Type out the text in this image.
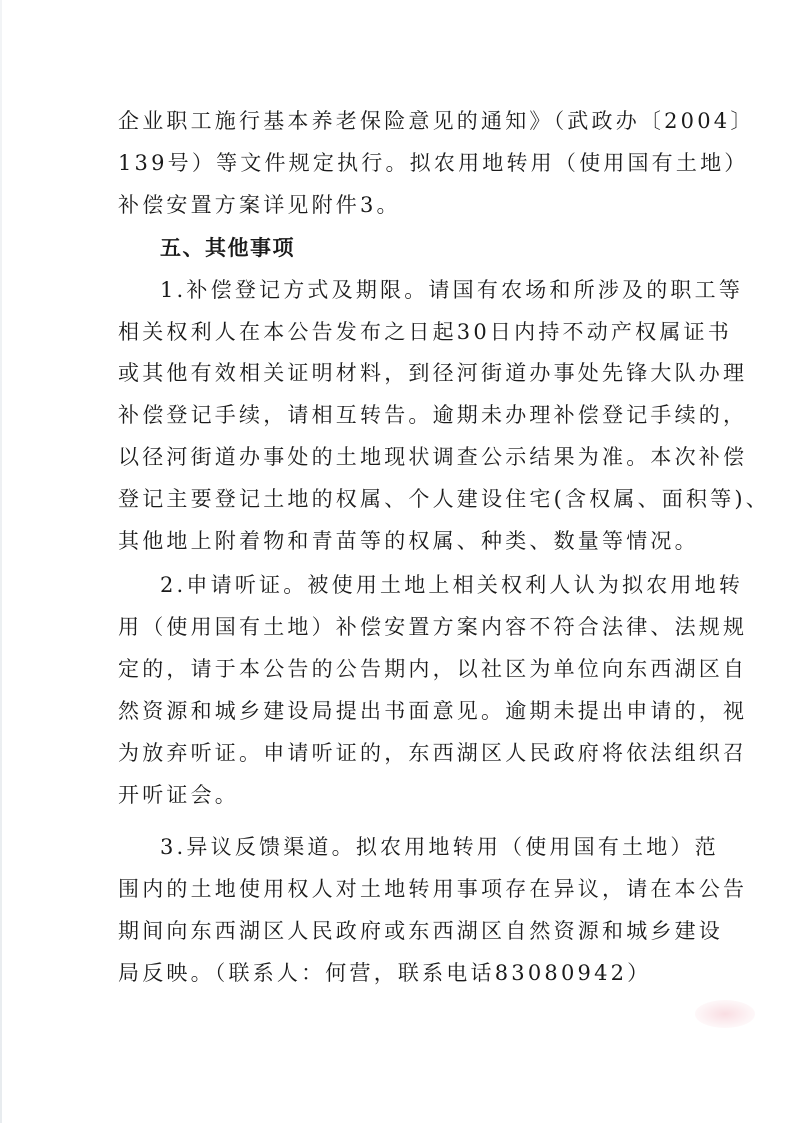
企业职工施行基本养老保险意见的通知》（武政办〔2004〕
139号）等文件规定执行。拟农用地转用（使用国有土地）
补偿安置方案详见附件3。
五、其他事项
1.补偿登记方式及期限。请国有农场和所涉及的职工等
相关权利人在本公告发布之日起30日内持不动产权属证书
或其他有效相关证明材料，到径河街道办事处先锋大队办理
补偿登记手续，请相互转告。逾期未办理补偿登记手续的，
以径河街道办事处的土地现状调查公示结果为准。本次补偿
登记主要登记土地的权属、个人建设住宅(含权属、面积等)、
其他地上附着物和青苗等的权属、种类、数量等情况。
2.申请听证。被使用土地上相关权利人认为拟农用地转
用（使用国有土地）补偿安置方案内容不符合法律、法规规
定的，请于本公告的公告期内，以社区为单位向东西湖区自
然资源和城乡建设局提出书面意见。逾期未提出申请的，视
为放弃听证。申请听证的，东西湖区人民政府将依法组织召
开听证会。
3.异议反馈渠道。拟农用地转用（使用国有土地）范
围内的土地使用权人对土地转用事项存在异议，请在本公告
期间向东西湖区人民政府或东西湖区自然资源和城乡建设
局反映。（联系人：何营，联系电话83080942）
